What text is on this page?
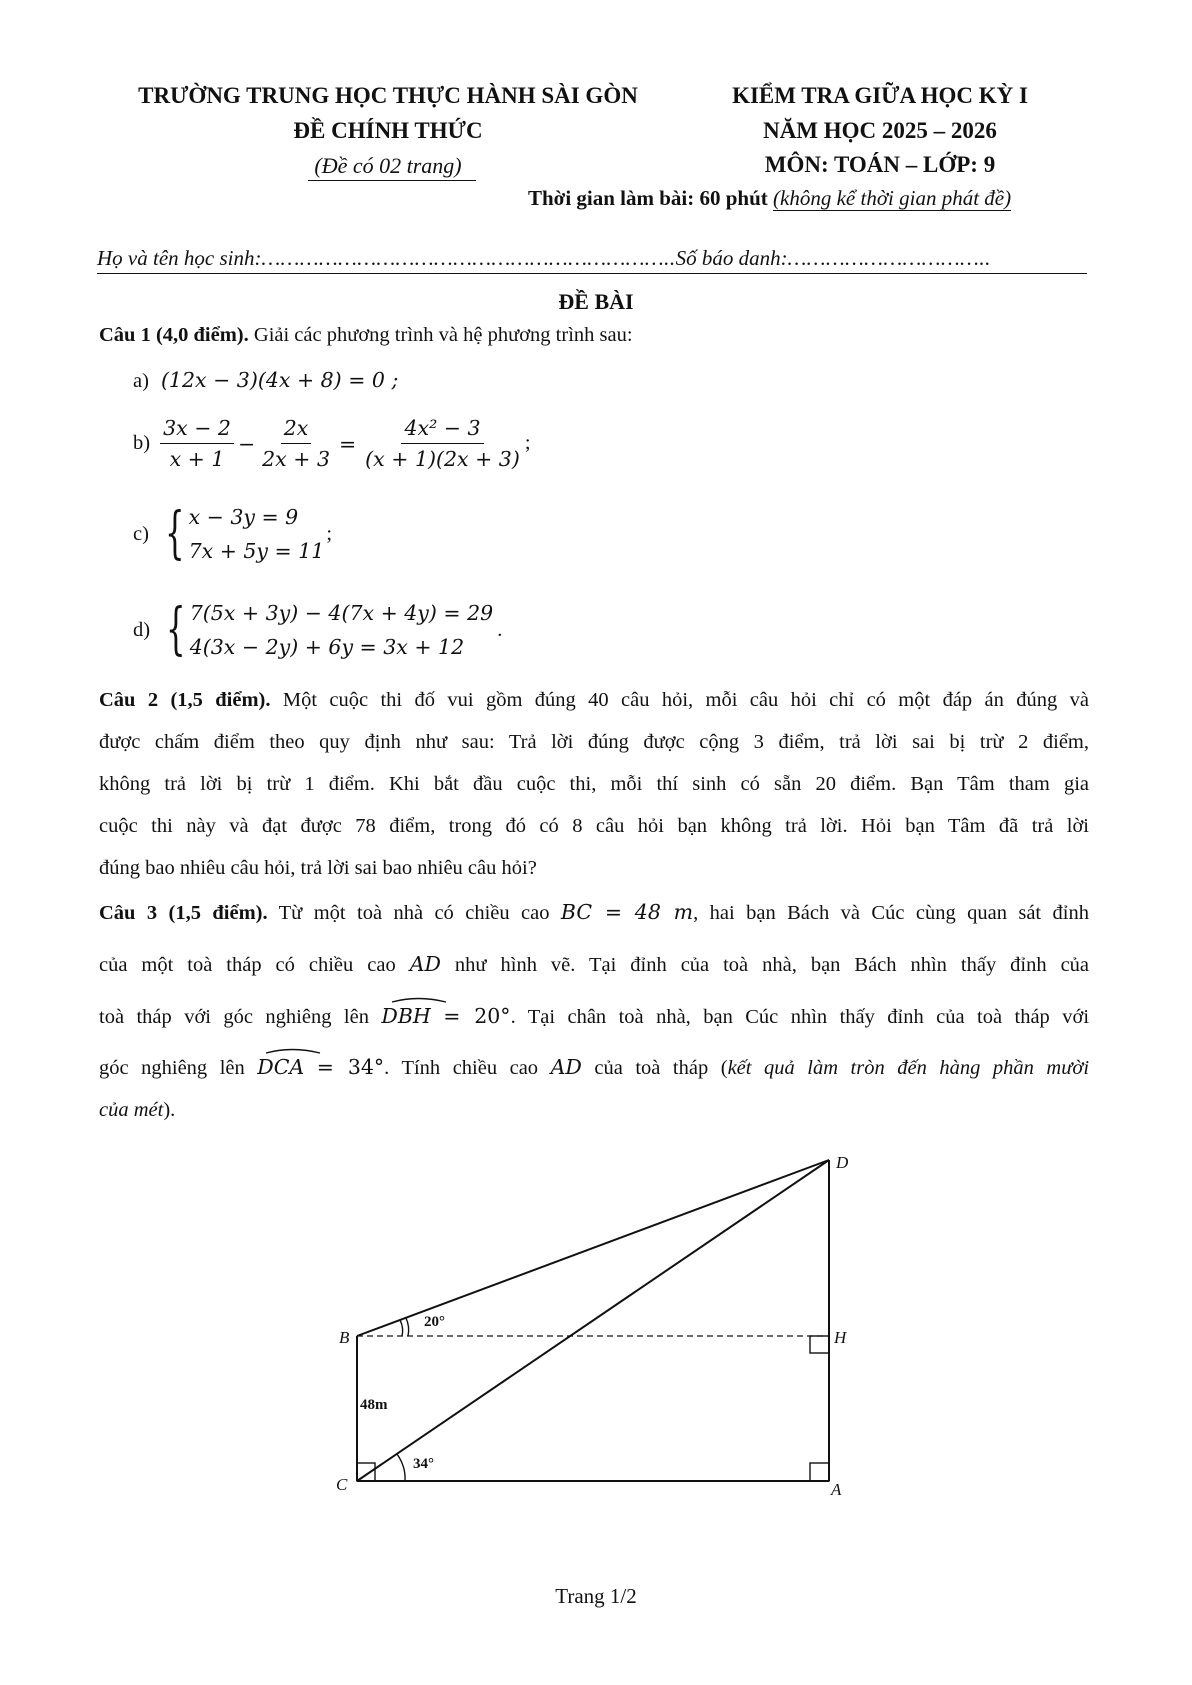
TRƯỜNG TRUNG HỌC THỰC HÀNH SÀI GÒN
ĐỀ CHÍNH THỨC
(Đề có 02 trang)
KIỂM TRA GIỮA HỌC KỲ I
NĂM HỌC 2025 – 2026
MÔN: TOÁN – LỚP: 9
Thời gian làm bài: 60 phút (không kể thời gian phát đề)
Họ và tên học sinh:………………………………………………………..Số báo danh:…………………………..
ĐỀ BÀI
Câu 1 (4,0 điểm). Giải các phương trình và hệ phương trình sau:
a) (12x − 3)(4x + 8) = 0 ;
$b) \frac{3x - 2}{x + 1} - \frac{2x}{2x + 3} = \frac{\text{4x² − 3}}{(x + 1)(2x + 3)}$ ;
c) { x − 3y = 9
7x + 5y = 11
;
d) { 7(5x + 3y) − 4(7x + 4y) = 29
4(3x − 2y) + 6y = 3x + 12
.
Câu 2 (1,5 điểm). Một cuộc thi đố vui gồm đúng 40 câu hỏi, mỗi câu hỏi chỉ có một đáp án đúng và
được chấm điểm theo quy định như sau: Trả lời đúng được cộng 3 điểm, trả lời sai bị trừ 2 điểm,
không trả lời bị trừ 1 điểm. Khi bắt đầu cuộc thi, mỗi thí sinh có sẵn 20 điểm. Bạn Tâm tham gia
cuộc thi này và đạt được 78 điểm, trong đó có 8 câu hỏi bạn không trả lời. Hỏi bạn Tâm đã trả lời
đúng bao nhiêu câu hỏi, trả lời sai bao nhiêu câu hỏi?
Câu 3 (1,5 điểm). Từ một toà nhà có chiều cao BC = 48 m, hai bạn Bách và Cúc cùng quan sát đỉnh
của một toà tháp có chiều cao AD như hình vẽ. Tại đỉnh của toà nhà, bạn Bách nhìn thấy đỉnh của
toà tháp với góc nghiêng lên DBH = 20°. Tại chân toà nhà, bạn Cúc nhìn thấy đỉnh của toà tháp với
góc nghiêng lên DCA = 34°. Tính chiều cao AD của toà tháp (kết quả làm tròn đến hàng phần mười
của mét).
D
B	H
C	A
20°
34°
48m
Trang 1/2
